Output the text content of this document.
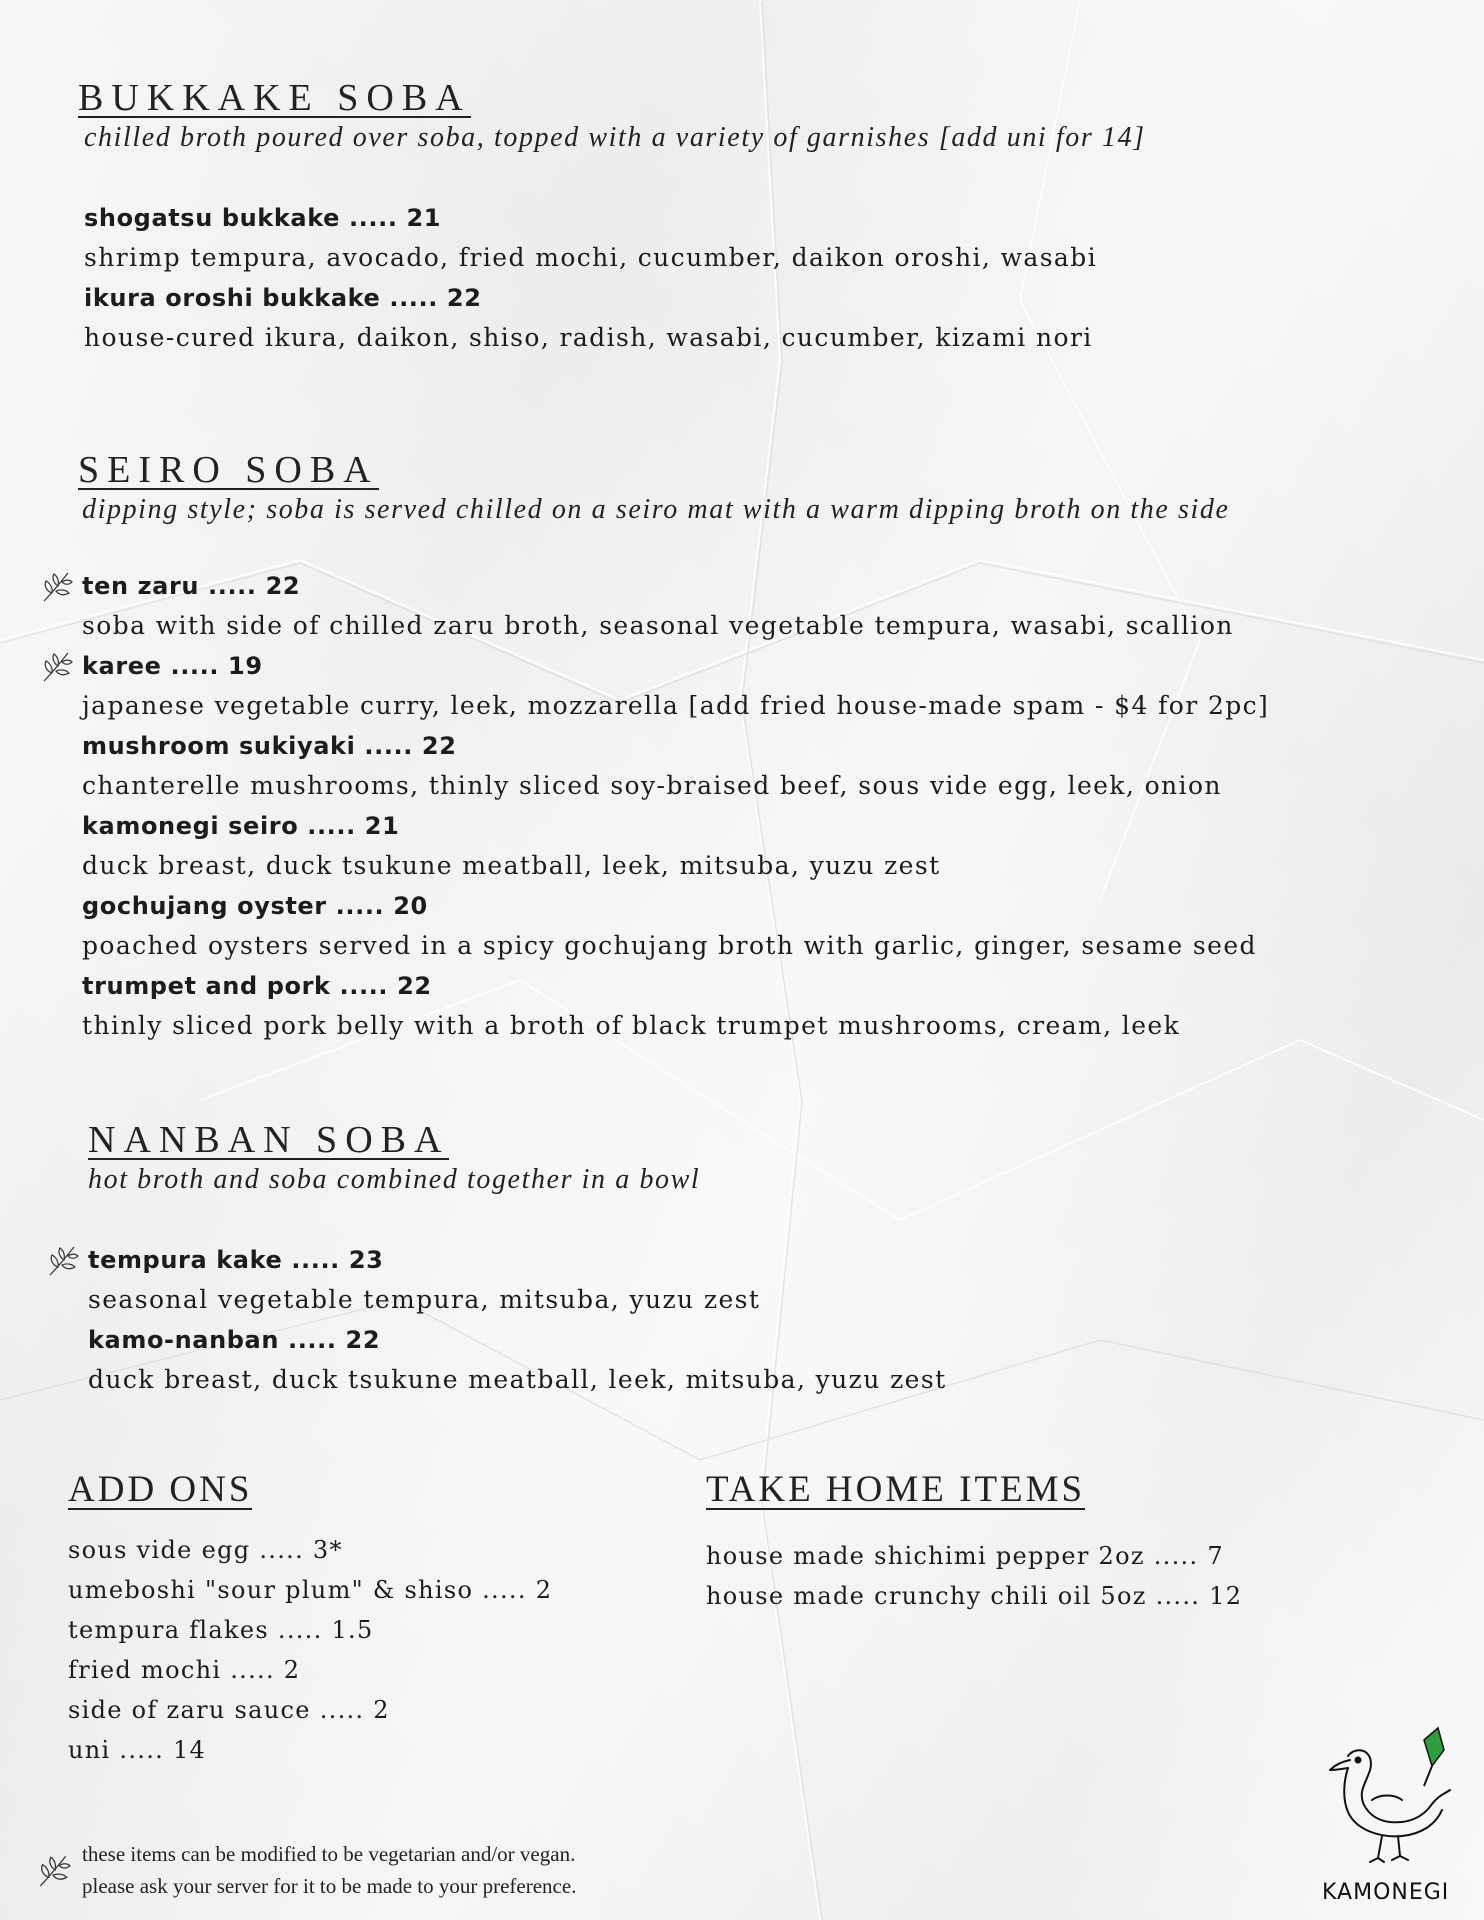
BUKKAKE SOBA
chilled broth poured over soba, topped with a variety of garnishes [add uni for 14]
shogatsu bukkake ..... 21
shrimp tempura, avocado, fried mochi, cucumber, daikon oroshi, wasabi
ikura oroshi bukkake ..... 22
house-cured ikura, daikon, shiso, radish, wasabi, cucumber, kizami nori
SEIRO SOBA
dipping style; soba is served chilled on a seiro mat with a warm dipping broth on the side
ten zaru ..... 22
soba with side of chilled zaru broth, seasonal vegetable tempura, wasabi, scallion
karee ..... 19
japanese vegetable curry, leek, mozzarella [add fried house-made spam - $4 for 2pc]
mushroom sukiyaki ..... 22
chanterelle mushrooms, thinly sliced soy-braised beef, sous vide egg, leek, onion
kamonegi seiro ..... 21
duck breast, duck tsukune meatball, leek, mitsuba, yuzu zest
gochujang oyster ..... 20
poached oysters served in a spicy gochujang broth with garlic, ginger, sesame seed
trumpet and pork ..... 22
thinly sliced pork belly with a broth of black trumpet mushrooms, cream, leek
NANBAN SOBA
hot broth and soba combined together in a bowl
tempura kake ..... 23
seasonal vegetable tempura, mitsuba, yuzu zest
kamo-nanban ..... 22
duck breast, duck tsukune meatball, leek, mitsuba, yuzu zest
ADD ONS
sous vide egg ..... 3*
umeboshi "sour plum" & shiso ..... 2
tempura flakes ..... 1.5
fried mochi ..... 2
side of zaru sauce ..... 2
uni ..... 14
TAKE HOME ITEMS
house made shichimi pepper 2oz ..... 7
house made crunchy chili oil 5oz ..... 12
these items can be modified to be vegetarian and/or vegan.
please ask your server for it to be made to your preference.	KAMONEGI
